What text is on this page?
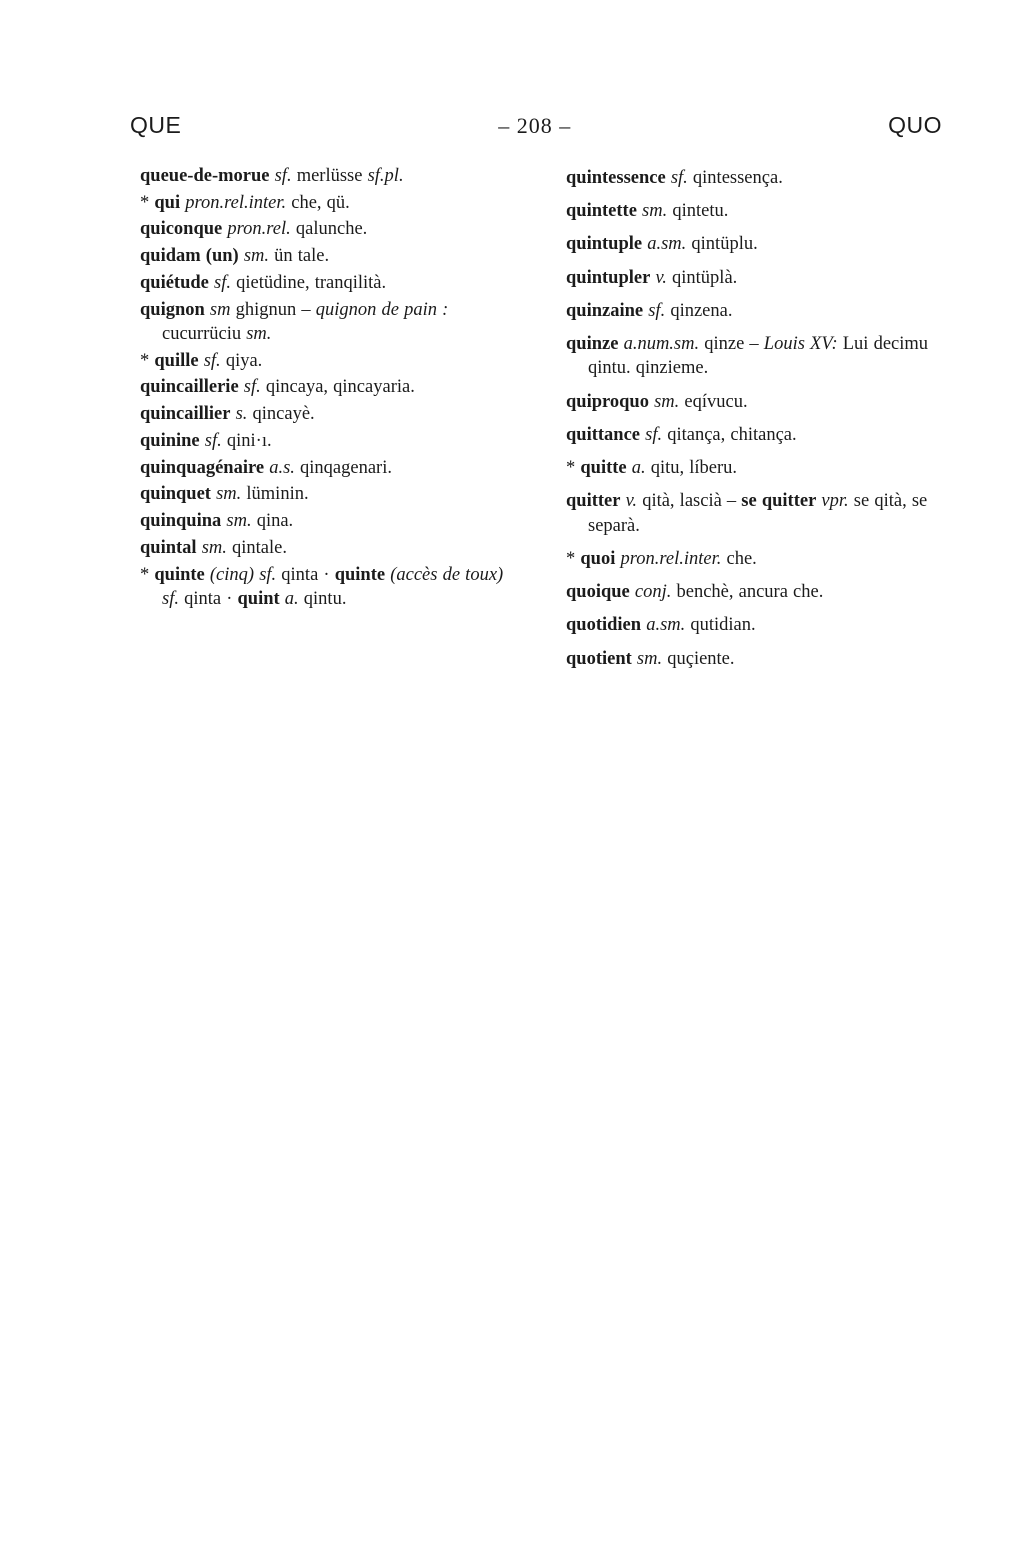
QUE	– 208 –	QUO
queue-de-morue sf. merlüsse sf.pl.
* qui pron.rel.inter. che, qü.
quiconque pron.rel. qalunche.
quidam (un) sm. ün tale.
quiétude sf. qietüdine, tranqilità.
quignon sm ghignun – quignon de pain : cucurrüciu sm.
* quille sf. qiya.
quincaillerie sf. qincaya, qincayaria.
quincaillier s. qincayè.
quinine sf. qini·ı.
quinquagénaire a.s. qinqagenari.
quinquet sm. lüminin.
quinquina sm. qina.
quintal sm. qintale.
* quinte (cinq) sf. qinta · quinte (accès de toux) sf. qinta · quint a. qintu.
quintessence sf. qintessença.
quintette sm. qintetu.
quintuple a.sm. qintüplu.
quintupler v. qintüplà.
quinzaine sf. qinzena.
quinze a.num.sm. qinze – Louis XV: Lui decimu qintu. qinzieme.
quiproquo sm. eqívucu.
quittance sf. qitança, chitança.
* quitte a. qitu, líberu.
quitter v. qità, lascià – se quitter vpr. se qità, se separà.
* quoi pron.rel.inter. che.
quoique conj. benchè, ancura che.
quotidien a.sm. qutidian.
quotient sm. quçiente.
